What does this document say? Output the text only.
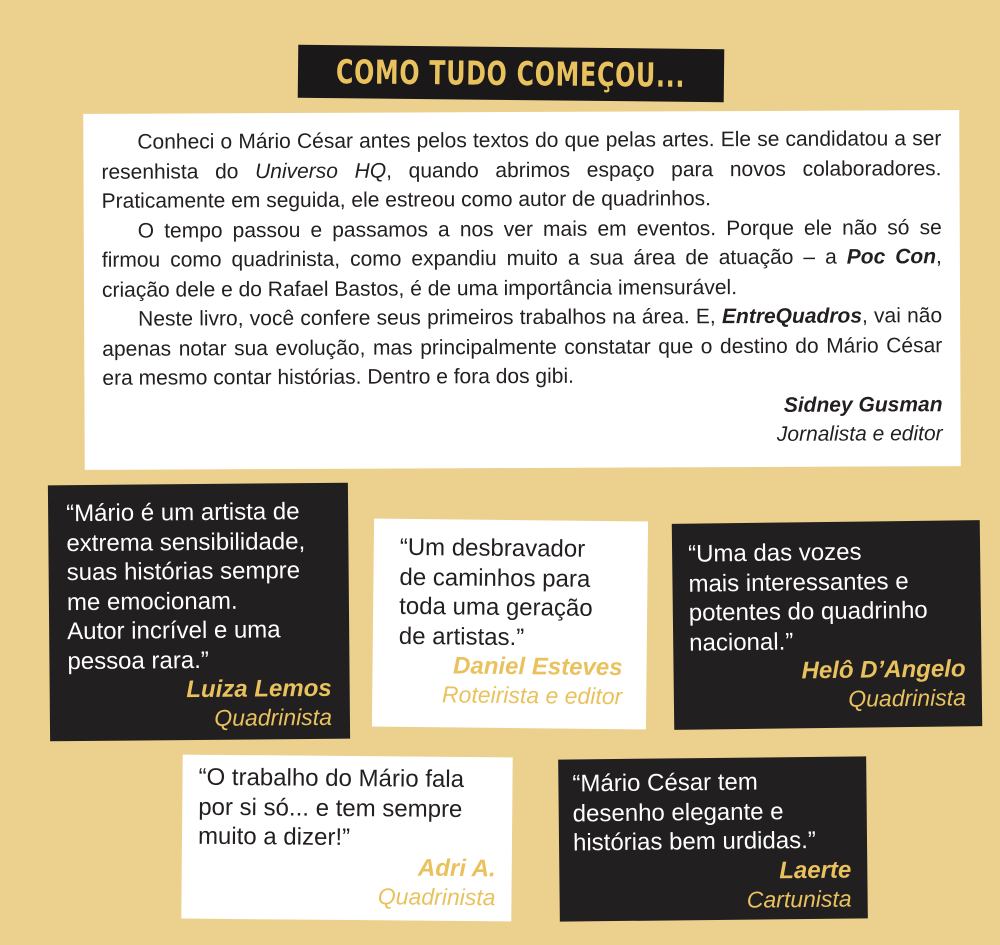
COMO TUDO COMEÇOU...

Conheci o Mário César antes pelos textos do que pelas artes. Ele se candidatou a ser resenhista do Universo HQ, quando abrimos espaço para novos colaboradores. Praticamente em seguida, ele estreou como autor de quadrinhos.

O tempo passou e passamos a nos ver mais em eventos. Porque ele não só se firmou como quadrinista, como expandiu muito a sua área de atuação – a Poc Con, criação dele e do Rafael Bastos, é de uma importância imensurável.

Neste livro, você confere seus primeiros trabalhos na área. E, EntreQuadros, vai não apenas notar sua evolução, mas principalmente constatar que o destino do Mário César era mesmo contar histórias. Dentro e fora dos gibi.

Sidney Gusman
Jornalista e editor

“Mário é um artista de
extrema sensibilidade,
suas histórias sempre
me emocionam.
Autor incrível e uma
pessoa rara.”

Luiza Lemos
Quadrinista

“Um desbravador
de caminhos para
toda uma geração
de artistas.”

Daniel Esteves
Roteirista e editor

“Uma das vozes
mais interessantes e
potentes do quadrinho
nacional.”

Helô D’Angelo
Quadrinista

“O trabalho do Mário fala
por si só... e tem sempre
muito a dizer!”

Adri A.
Quadrinista

“Mário César tem
desenho elegante e
histórias bem urdidas.”

Laerte
Cartunista
